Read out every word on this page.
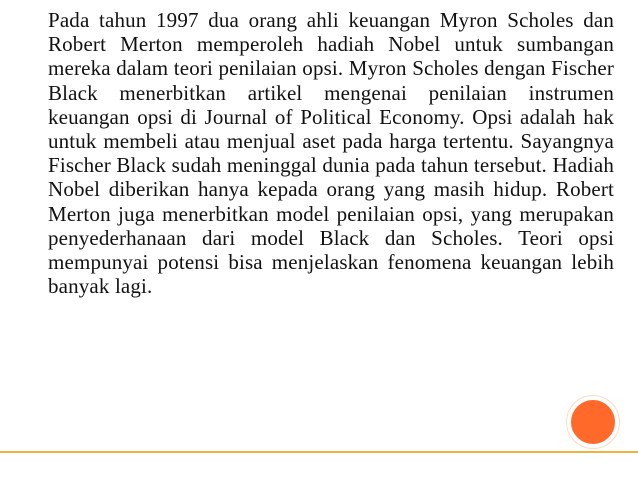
Pada tahun 1997 dua orang ahli keuangan Myron Scholes dan Robert Merton memperoleh hadiah Nobel untuk sumbangan mereka dalam teori penilaian opsi. Myron Scholes dengan Fischer Black menerbitkan artikel mengenai penilaian instrumen keuangan opsi di Journal of Political Economy. Opsi adalah hak untuk membeli atau menjual aset pada harga tertentu. Sayangnya Fischer Black sudah meninggal dunia pada tahun tersebut. Hadiah Nobel diberikan hanya kepada orang yang masih hidup. Robert Merton juga menerbitkan model penilaian opsi, yang merupakan penyederhanaan dari model Black dan Scholes. Teori opsi mempunyai potensi bisa menjelaskan fenomena keuangan lebih banyak lagi.
